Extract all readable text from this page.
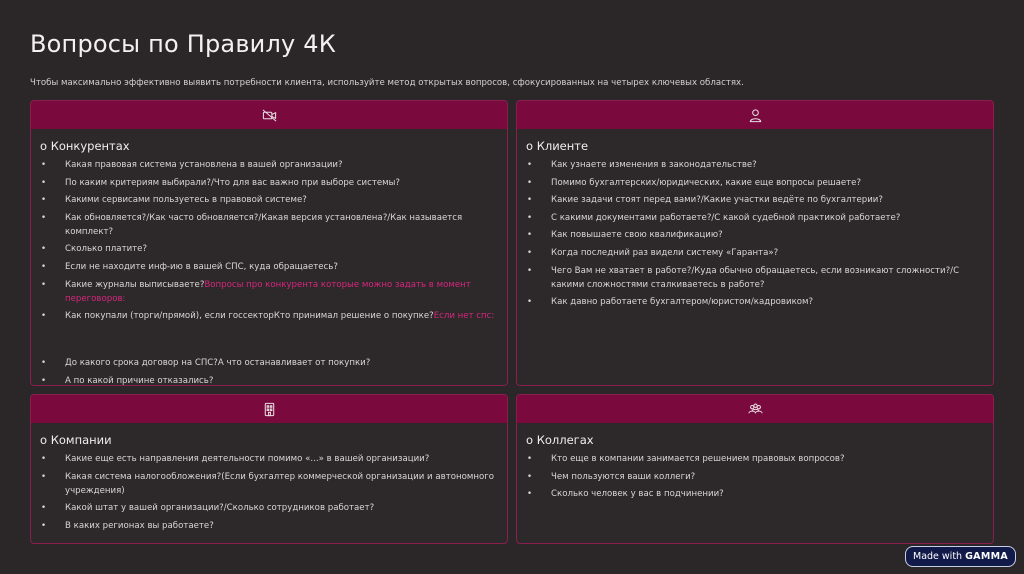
Вопросы по Правилу 4К

Чтобы максимально эффективно выявить потребности клиента, используйте метод открытых вопросов, сфокусированных на четырех ключевых областях.

о Конкурентах
• Какая правовая система установлена в вашей организации?
• По каким критериям выбирали?/Что для вас важно при выборе системы?
• Какими сервисами пользуетесь в правовой системе?
• Как обновляется?/Как часто обновляется?/Какая версия установлена?/Как называется комплект?
• Сколько платите?
• Если не находите инф-ию в вашей СПС, куда обращаетесь?
• Какие журналы выписываете?Вопросы про конкурента которые можно задать в момент переговоров:
• Как покупали (торги/прямой), если госсекторКто принимал решение о покупке?Если нет спс:
• До какого срока договор на СПС?А что останавливает от покупки?
• А по какой причине отказались?
о Клиенте
• Как узнаете изменения в законодательстве?
• Помимо бухгалтерских/юридических, какие еще вопросы решаете?
• Какие задачи стоят перед вами?/Какие участки ведёте по бухгалтерии?
• С какими документами работаете?/С какой судебной практикой работаете?
• Как повышаете свою квалификацию?
• Когда последний раз видели систему «Гаранта»?
• Чего Вам не хватает в работе?/Куда обычно обращаетесь, если возникают сложности?/С какими сложностями сталкиваетесь в работе?
• Как давно работаете бухгалтером/юристом/кадровиком?
о Компании
• Какие еще есть направления деятельности помимо «...» в вашей организации?
• Какая система налогообложения?(Если бухгалтер коммерческой организации и автономного учреждения)
• Какой штат у вашей организации?/Сколько сотрудников работает?
• В каких регионах вы работаете?
о Коллегах
• Кто еще в компании занимается решением правовых вопросов?
• Чем пользуются ваши коллеги?
• Сколько человек у вас в подчинении?
Made with GAMMA
